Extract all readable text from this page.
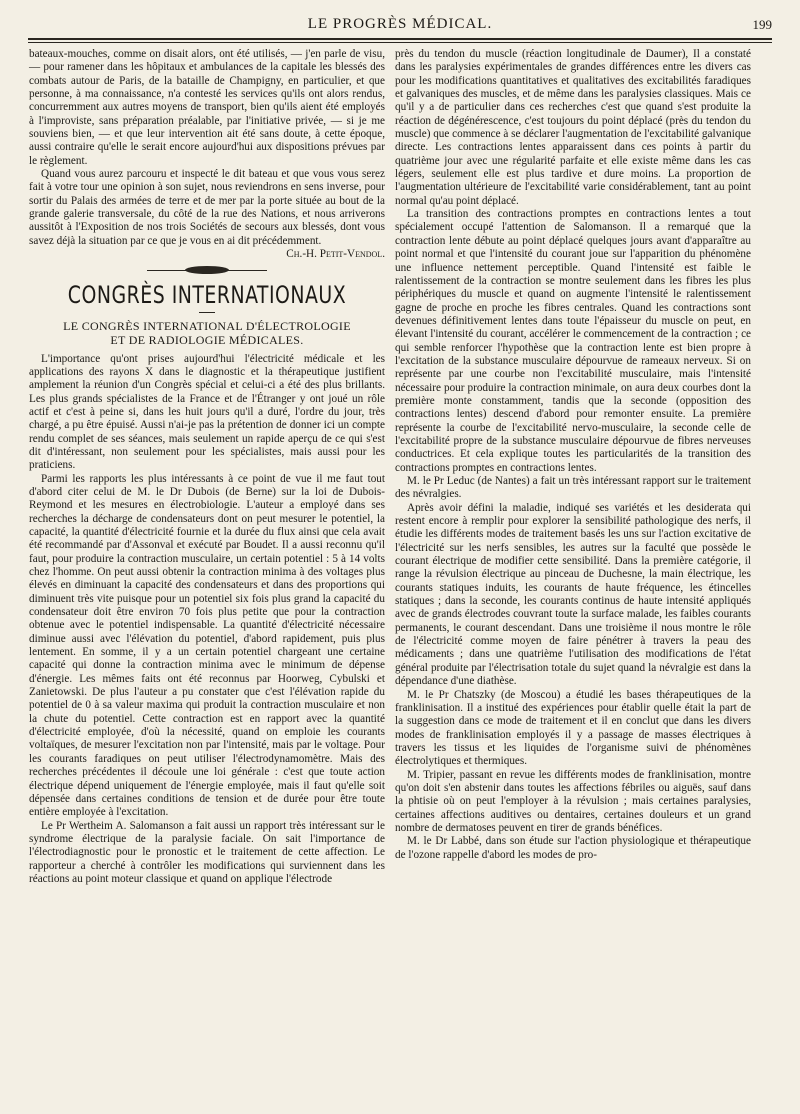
LE PROGRÈS MÉDICAL.	199

bateaux-mouches, comme on disait alors, ont été utilisés, — j'en parle de visu, — pour ramener dans les hôpitaux et ambulances de la capitale les blessés des combats autour de Paris, de la bataille de Champigny, en particulier, et que personne, à ma connaissance, n'a contesté les services qu'ils ont alors rendus, concurremment aux autres moyens de transport, bien qu'ils aient été employés à l'improviste, sans préparation préalable, par l'initiative privée, — si je me souviens bien, — et que leur intervention ait été sans doute, à cette époque, aussi contraire qu'elle le serait encore aujourd'hui aux dispositions prévues par le règlement.

Quand vous aurez parcouru et inspecté le dit bateau et que vous vous serez fait à votre tour une opinion à son sujet, nous reviendrons en sens inverse, pour sortir du Palais des armées de terre et de mer par la porte située au bout de la grande galerie transversale, du côté de la rue des Nations, et nous arriverons aussitôt à l'Exposition de nos trois Sociétés de secours aux blessés, dont vous savez déjà la situation par ce que je vous en ai dit précédemment.

Ch.-H. Petit-Vendol.
CONGRÈS INTERNATIONAUX
LE CONGRÈS INTERNATIONAL D'ÉLECTROLOGIE
ET DE RADIOLOGIE MÉDICALES.

L'importance qu'ont prises aujourd'hui l'électricité médicale et les applications des rayons X dans le diagnostic et la thérapeutique justifient amplement la réunion d'un Congrès spécial et celui-ci a été des plus brillants. Les plus grands spécialistes de la France et de l'Étranger y ont joué un rôle actif et c'est à peine si, dans les huit jours qu'il a duré, l'ordre du jour, très chargé, a pu être épuisé. Aussi n'ai-je pas la prétention de donner ici un compte rendu complet de ses séances, mais seulement un rapide aperçu de ce qui s'est dit d'intéressant, non seulement pour les spécialistes, mais aussi pour les praticiens.

Parmi les rapports les plus intéressants à ce point de vue il me faut tout d'abord citer celui de M. le Dr Dubois (de Berne) sur la loi de Dubois-Reymond et les mesures en électrobiologie. L'auteur a employé dans ses recherches la décharge de condensateurs dont on peut mesurer le potentiel, la capacité, la quantité d'électricité fournie et la durée du flux ainsi que cela avait été recommandé par d'Assonval et exécuté par Boudet. Il a aussi reconnu qu'il faut, pour produire la contraction musculaire, un certain potentiel : 5 à 14 volts chez l'homme. On peut aussi obtenir la contraction minima à des voltages plus élevés en diminuant la capacité des condensateurs et dans des proportions qui diminuent très vite puisque pour un potentiel six fois plus grand la capacité du condensateur doit être environ 70 fois plus petite que pour la contraction obtenue avec le potentiel indispensable. La quantité d'électricité nécessaire diminue aussi avec l'élévation du potentiel, d'abord rapidement, puis plus lentement. En somme, il y a un certain potentiel chargeant une certaine capacité qui donne la contraction minima avec le minimum de dépense d'énergie. Les mêmes faits ont été reconnus par Hoorweg, Cybulski et Zanietowski. De plus l'auteur a pu constater que c'est l'élévation rapide du potentiel de 0 à sa valeur maxima qui produit la contraction musculaire et non la chute du potentiel. Cette contraction est en rapport avec la quantité d'électricité employée, d'où la nécessité, quand on emploie les courants voltaïques, de mesurer l'excitation non par l'intensité, mais par le voltage. Pour les courants faradiques on peut utiliser l'électrodynamomètre. Mais des recherches précédentes il découle une loi générale : c'est que toute action électrique dépend uniquement de l'énergie employée, mais il faut qu'elle soit dépensée dans certaines conditions de tension et de durée pour être toute entière employée à l'excitation.

Le Pr Wertheim A. Salomanson a fait aussi un rapport très intéressant sur le syndrome électrique de la paralysie faciale. On sait l'importance de l'électrodiagnostic pour le pronostic et le traitement de cette affection. Le rapporteur a cherché à contrôler les modifications qui surviennent dans les réactions au point moteur classique et quand on applique l'électrode

près du tendon du muscle (réaction longitudinale de Daumer), Il a constaté dans les paralysies expérimentales de grandes différences entre les divers cas pour les modifications quantitatives et qualitatives des excitabilités faradiques et galvaniques des muscles, et de même dans les paralysies classiques. Mais ce qu'il y a de particulier dans ces recherches c'est que quand s'est produite la réaction de dégénérescence, c'est toujours du point déplacé (près du tendon du muscle) que commence à se déclarer l'augmentation de l'excitabilité galvanique directe. Les contractions lentes apparaissent dans ces points à partir du quatrième jour avec une régularité parfaite et elle existe même dans les cas légers, seulement elle est plus tardive et dure moins. La proportion de l'augmentation ultérieure de l'excitabilité varie considérablement, tant au point normal qu'au point déplacé.

La transition des contractions promptes en contractions lentes a tout spécialement occupé l'attention de Salomanson. Il a remarqué que la contraction lente débute au point déplacé quelques jours avant d'apparaître au point normal et que l'intensité du courant joue sur l'apparition du phénomène une influence nettement perceptible. Quand l'intensité est faible le ralentissement de la contraction se montre seulement dans les fibres les plus périphériques du muscle et quand on augmente l'intensité le ralentissement gagne de proche en proche les fibres centrales. Quand les contractions sont devenues définitivement lentes dans toute l'épaisseur du muscle on peut, en élevant l'intensité du courant, accélérer le commencement de la contraction ; ce qui semble renforcer l'hypothèse que la contraction lente est bien propre à l'excitation de la substance musculaire dépourvue de rameaux nerveux. Si on représente par une courbe non l'excitabilité musculaire, mais l'intensité nécessaire pour produire la contraction minimale, on aura deux courbes dont la première monte constamment, tandis que la seconde (opposition des contractions lentes) descend d'abord pour remonter ensuite. La première représente la courbe de l'excitabilité nervo-musculaire, la seconde celle de l'excitabilité propre de la substance musculaire dépourvue de fibres nerveuses conductrices. Et cela explique toutes les particularités de la transition des contractions promptes en contractions lentes.

M. le Pr Leduc (de Nantes) a fait un très intéressant rapport sur le traitement des névralgies.

Après avoir défini la maladie, indiqué ses variétés et les desiderata qui restent encore à remplir pour explorer la sensibilité pathologique des nerfs, il étudie les différents modes de traitement basés les uns sur l'action excitative de l'électricité sur les nerfs sensibles, les autres sur la faculté que possède le courant électrique de modifier cette sensibilité. Dans la première catégorie, il range la révulsion électrique au pinceau de Duchesne, la main électrique, les courants statiques induits, les courants de haute fréquence, les étincelles statiques ; dans la seconde, les courants continus de haute intensité appliqués avec de grands électrodes couvrant toute la surface malade, les faibles courants permanents, le courant descendant. Dans une troisième il nous montre le rôle de l'électricité comme moyen de faire pénétrer à travers la peau des médicaments ; dans une quatrième l'utilisation des modifications de l'état général produite par l'électrisation totale du sujet quand la névralgie est dans la dépendance d'une diathèse.

M. le Pr Chatszky (de Moscou) a étudié les bases thérapeutiques de la franklinisation. Il a institué des expériences pour établir quelle était la part de la suggestion dans ce mode de traitement et il en conclut que dans les divers modes de franklinisation employés il y a passage de masses électriques à travers les tissus et les liquides de l'organisme suivi de phénomènes électrolytiques et thermiques.

M. Tripier, passant en revue les différents modes de franklinisation, montre qu'on doit s'en abstenir dans toutes les affections fébriles ou aiguës, sauf dans la phtisie où on peut l'employer à la révulsion ; mais certaines paralysies, certaines affections auditives ou dentaires, certaines douleurs et un grand nombre de dermatoses peuvent en tirer de grands bénéfices.

M. le Dr Labbé, dans son étude sur l'action physiologique et thérapeutique de l'ozone rappelle d'abord les modes de pro-
